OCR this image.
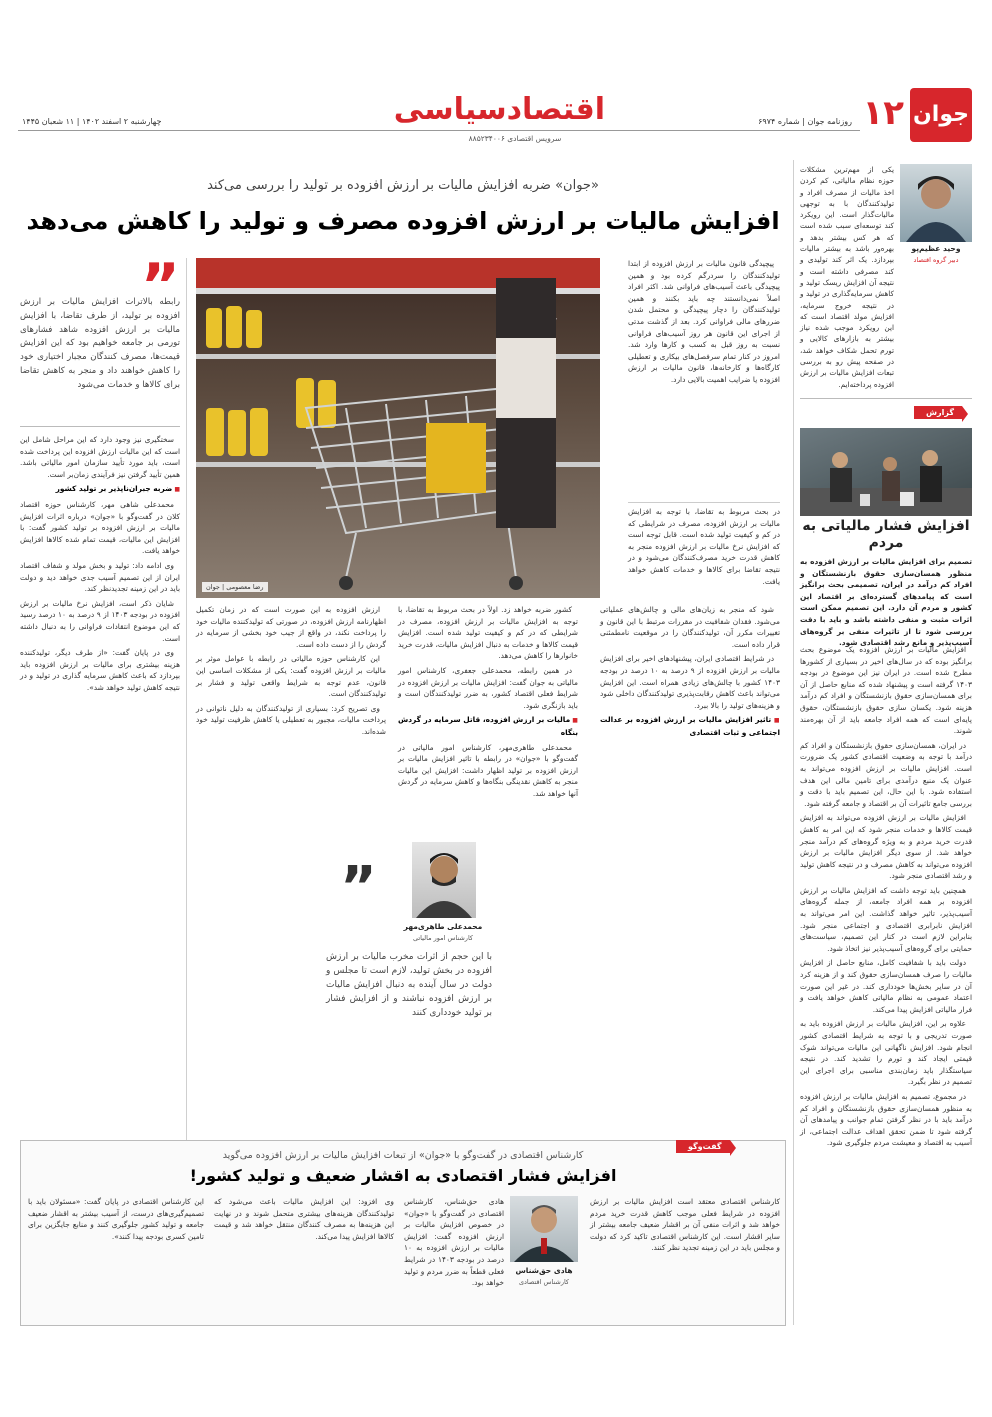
۱۲ جوان
اقتصادسیاسی	روزنامه جوان | شماره ۶۹۷۴
چهارشنبه ۲ اسفند ۱۴۰۲ | ۱۱ شعبان ۱۴۴۵
سرویس اقتصادی ۸۸۵۲۳۴۰۰۶
وحید عظیم‌پو
دبیر گروه اقتصاد
یکی از مهم‌ترین مشکلات حوزه نظام مالیاتی، کم کردن اخذ مالیات از مصرف افراد و تولیدکنندگان با به توجهی مالیات‌گذار است. این رویکرد کند توسعه‌ای سبب شده است که هر کس بیشتر بدهد و بهره‌ور باشد به بیشتر مالیات بپردازد. یک اثر کند تولیدی و کند مصرفی داشته است و نتیجه آن افزایش ریسک تولید و کاهش سرمایه‌گذاری در تولید و در نتیجه خروج سرمایه، افزایش مولد اقتصاد است که این رویکرد موجب شده نیاز بیشتر به بازارهای کالایی و تورم تحمل شکاف خواهد شد، در صفحه پیش رو به بررسی تبعات افزایش مالیات بر ارزش افزوده پرداخته‌ایم.
گزارش
افزایش فشار مالیاتی به مردم
تصمیم برای افزایش مالیات بر ارزش افزوده به منظور همسان‌سازی حقوق بازنشستگان و افراد کم درآمد در ایران، تصمیمی بحث برانگیز است که پیامدهای گسترده‌ای بر اقتصاد این کشور و مردم آن دارد. این تصمیم ممکن است اثرات مثبت و منفی داشته باشد و باید با دقت بررسی شود تا از تاثیرات منفی بر گروه‌های آسیب‌پذیر و مانع رشد اقتصادی شود.

افزایش مالیات بر ارزش افزوده یک موضوع بحث برانگیز بوده که در سال‌های اخیر در بسیاری از کشورها مطرح شده است. در ایران نیز این موضوع در بودجه ۱۴۰۳ گرفته است و پیشنهاد شده که منابع حاصل از آن برای همسان‌سازی حقوق بازنشستگان و افراد کم درآمد هزینه شود. یکسان سازی حقوق بازنشستگان، حقوق پایه‌ای است که همه افراد جامعه باید از آن بهره‌مند شوند.

در ایران، همسان‌سازی حقوق بازنشستگان و افراد کم درآمد با توجه به وضعیت اقتصادی کشور یک ضرورت است. افزایش مالیات بر ارزش افزوده می‌تواند به عنوان یک منبع درآمدی برای تامین مالی این هدف استفاده شود. با این حال، این تصمیم باید با دقت و بررسی جامع تاثیرات آن بر اقتصاد و جامعه گرفته شود.

افزایش مالیات بر ارزش افزوده می‌تواند به افزایش قیمت کالاها و خدمات منجر شود که این امر به کاهش قدرت خرید مردم و به ویژه گروه‌های کم درآمد منجر خواهد شد. از سوی دیگر افزایش مالیات بر ارزش افزوده می‌تواند به کاهش مصرف و در نتیجه کاهش تولید و رشد اقتصادی منجر شود.

همچنین باید توجه داشت که افزایش مالیات بر ارزش افزوده بر همه افراد جامعه، از جمله گروه‌های آسیب‌پذیر، تاثیر خواهد گذاشت. این امر می‌تواند به افزایش نابرابری اقتصادی و اجتماعی منجر شود. بنابراین لازم است در کنار این تصمیم، سیاست‌های حمایتی برای گروه‌های آسیب‌پذیر نیز اتخاذ شود.

دولت باید با شفافیت کامل، منابع حاصل از افزایش مالیات را صرف همسان‌سازی حقوق کند و از هزینه کرد آن در سایر بخش‌ها خودداری کند. در غیر این صورت اعتماد عمومی به نظام مالیاتی کاهش خواهد یافت و فرار مالیاتی افزایش پیدا می‌کند.

علاوه بر این، افزایش مالیات بر ارزش افزوده باید به صورت تدریجی و با توجه به شرایط اقتصادی کشور انجام شود. افزایش ناگهانی این مالیات می‌تواند شوک قیمتی ایجاد کند و تورم را تشدید کند. در نتیجه سیاستگذار باید زمان‌بندی مناسبی برای اجرای این تصمیم در نظر بگیرد.

در مجموع، تصمیم به افزایش مالیات بر ارزش افزوده به منظور همسان‌سازی حقوق بازنشستگان و افراد کم درآمد باید با در نظر گرفتن تمام جوانب و پیامدهای آن گرفته شود تا ضمن تحقق اهداف عدالت اجتماعی، از آسیب به اقتصاد و معیشت مردم جلوگیری شود.

«جوان» ضربه افزایش مالیات بر ارزش افزوده بر تولید را بررسی می‌کند
افزایش مالیات بر ارزش افزوده مصرف و تولید را کاهش می‌دهد

پیچیدگی قانون مالیات بر ارزش افزوده از ابتدا تولیدکنندگان را سردرگم کرده بود و همین پیچیدگی باعث آسیب‌های فراوانی شد. اکثر افراد اصلاً نمی‌دانستند چه باید بکنند و همین تولیدکنندگان را دچار پیچیدگی و محتمل شدن ضررهای مالی فراوانی کرد. بعد از گذشت مدتی از اجرای این قانون هر روز آسیب‌های فراوانی نسبت به روز قبل به کسب و کارها وارد شد. امروز در کنار تمام سرفصل‌های بیکاری و تعطیلی کارگاه‌ها و کارخانه‌ها، قانون مالیات بر ارزش افزوده یا ضرایب اهمیت بالایی دارد.

در بحث مربوط به تقاضا، با توجه به افزایش مالیات بر ارزش افزوده، مصرف در شرایطی که در کم و کیفیت تولید شده است. قابل توجه است که افزایش نرخ مالیات بر ارزش افزوده منجر به کاهش قدرت خرید مصرف‌کنندگان می‌شود و در نتیجه تقاضا برای کالاها و خدمات کاهش خواهد یافت.
رضا معصومی | جوان
”
رابطه بالاترات افزایش مالیات بر ارزش افزوده بر تولید، از طرف تقاضا، با افزایش مالیات بر ارزش افزوده شاهد فشارهای تورمی بر جامعه خواهیم بود که این افزایش قیمت‌ها، مصرف کنندگان مجبار اختیاری خود را کاهش خواهند داد و منجر به کاهش تقاضا برای کالاها و خدمات می‌شود

سختگیری نیز وجود دارد که این مراحل شامل این است که این مالیات ارزش افزوده این پرداخت شده است، باید مورد تأیید سازمان امور مالیاتی باشد. همین تأیید گرفتن نیز فرآیندی زمان‌بر است.

■ ضربه جبران‌ناپذیر بر تولید کشور

محمدعلی شاهی مهر، کارشناس حوزه اقتصاد کلان در گفت‌وگو با «جوان» درباره اثرات افزایش مالیات بر ارزش افزوده بر تولید کشور گفت: با افزایش این مالیات، قیمت تمام شده کالاها افزایش خواهد یافت.

وی ادامه داد: تولید و بخش مولد و شفاف اقتصاد ایران از این تصمیم آسیب جدی خواهد دید و دولت باید در این زمینه تجدیدنظر کند.

شایان ذکر است، افزایش نرخ مالیات بر ارزش افزوده در بودجه ۱۴۰۳ از ۹ درصد به ۱۰ درصد رسید که این موضوع انتقادات فراوانی را به دنبال داشته است.

وی در پایان گفت: «از طرف دیگر، تولیدکننده هزینه بیشتری برای مالیات بر ارزش افزوده باید بپردازد که باعث کاهش سرمایه گذاری در تولید و در نتیجه کاهش تولید خواهد شد».

شود که منجر به زیان‌های مالی و چالش‌های عملیاتی می‌شود. فقدان شفافیت در مقررات مرتبط با این قانون و تغییرات مکرر آن، تولیدکنندگان را در موقعیت نامطمئنی قرار داده است.

در شرایط اقتصادی ایران، پیشنهادهای اخیر برای افزایش مالیات بر ارزش افزوده از ۹ درصد به ۱۰ درصد در بودجه ۱۴۰۳ کشور با چالش‌های زیادی همراه است. این افزایش می‌تواند باعث کاهش رقابت‌پذیری تولیدکنندگان داخلی شود و هزینه‌های تولید را بالا ببرد.

■ تاثیر افزایش مالیات بر ارزش افزوده بر عدالت اجتماعی و ثبات اقتصادی

کشور ضربه خواهد زد. اولاً در بحث مربوط به تقاضا، با توجه به افزایش مالیات بر ارزش افزوده، مصرف در شرایطی که در کم و کیفیت تولید شده است. افزایش قیمت کالاها و خدمات به دنبال افزایش مالیات، قدرت خرید خانوارها را کاهش می‌دهد.

در همین رابطه، محمدعلی جعفری، کارشناس امور مالیاتی به جوان گفت: افزایش مالیات بر ارزش افزوده در شرایط فعلی اقتصاد کشور، به ضرر تولیدکنندگان است و باید بازنگری شود.

■ مالیات بر ارزش افزوده، قاتل سرمایه در گردش بنگاه

محمدعلی طاهری‌مهر، کارشناس امور مالیاتی در گفت‌وگو با «جوان» در رابطه با تاثیر افزایش مالیات بر ارزش افزوده بر تولید اظهار داشت: افزایش این مالیات منجر به کاهش نقدینگی بنگاه‌ها و کاهش سرمایه در گردش آنها خواهد شد.

ارزش افزوده به این صورت است که در زمان تکمیل اظهارنامه ارزش افزوده، در صورتی که تولیدکننده مالیات خود را پرداخت نکند، در واقع از جیب خود بخشی از سرمایه در گردش را از دست داده است.

این کارشناس حوزه مالیاتی در رابطه با عوامل موثر بر مالیات بر ارزش افزوده گفت: یکی از مشکلات اساسی این قانون، عدم توجه به شرایط واقعی تولید و فشار بر تولیدکنندگان است.

وی تصریح کرد: بسیاری از تولیدکنندگان به دلیل ناتوانی در پرداخت مالیات، مجبور به تعطیلی یا کاهش ظرفیت تولید خود شده‌اند.

محمدعلی طاهری‌مهر
کارشناس امور مالیاتی
”
با این حجم از اثرات مخرب مالیات بر ارزش افزوده در بخش تولید، لازم است تا مجلس و دولت در سال آینده به دنبال افزایش مالیات بر ارزش افزوده نباشند و از افزایش فشار بر تولید خودداری کنند
گفت‌وگو
کارشناس اقتصادی در گفت‌وگو با «جوان» از تبعات افزایش مالیات بر ارزش افزوده می‌گوید
افزایش فشار اقتصادی به اقشار ضعیف و تولید کشور!
هادی حق‌شناس
کارشناس اقتصادی
کارشناس اقتصادی معتقد است افزایش مالیات بر ارزش افزوده در شرایط فعلی موجب کاهش قدرت خرید مردم خواهد شد و اثرات منفی آن بر اقشار ضعیف جامعه بیشتر از سایر اقشار است. این کارشناس اقتصادی تاکید کرد که دولت و مجلس باید در این زمینه تجدید نظر کنند.
هادی حق‌شناس، کارشناس اقتصادی در گفت‌وگو با «جوان» در خصوص افزایش مالیات بر ارزش افزوده گفت: افزایش مالیات بر ارزش افزوده به ۱۰ درصد در بودجه ۱۴۰۳ در شرایط فعلی قطعاً به ضرر مردم و تولید خواهد بود.
وی افزود: این افزایش مالیات باعث می‌شود که تولیدکنندگان هزینه‌های بیشتری متحمل شوند و در نهایت این هزینه‌ها به مصرف کنندگان منتقل خواهد شد و قیمت کالاها افزایش پیدا می‌کند.
این کارشناس اقتصادی در پایان گفت: «مسئولان باید با تصمیم‌گیری‌های درست، از آسیب بیشتر به اقشار ضعیف جامعه و تولید کشور جلوگیری کنند و منابع جایگزین برای تامین کسری بودجه پیدا کنند».
